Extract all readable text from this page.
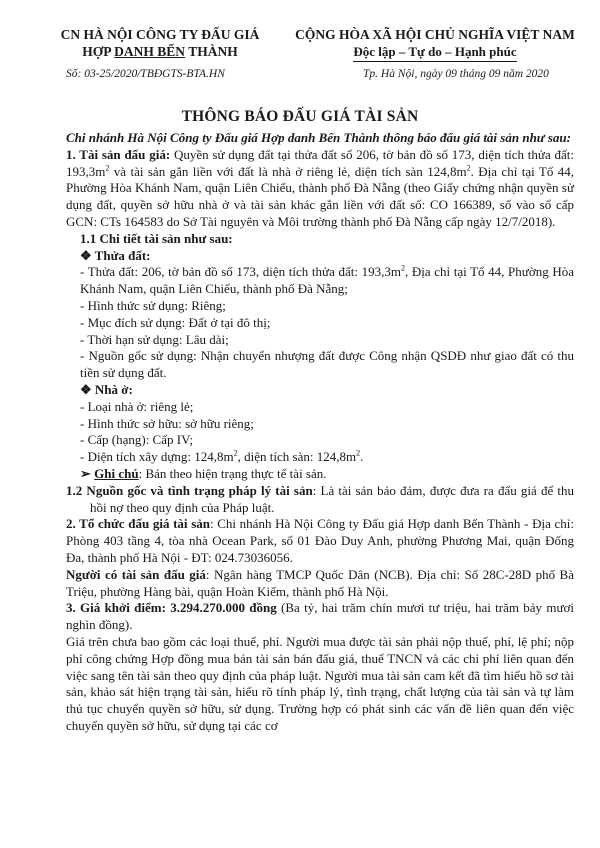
CN HÀ NỘI CÔNG TY ĐẤU GIÁ
HỢP DANH BẾN THÀNH
Số: 03-25/2020/TBĐGTS-BTA.HN
CỘNG HÒA XÃ HỘI CHỦ NGHĨA VIỆT NAM
Độc lập – Tự do – Hạnh phúc
Tp. Hà Nội, ngày 09 tháng 09 năm 2020
THÔNG BÁO ĐẤU GIÁ TÀI SẢN

Chi nhánh Hà Nội Công ty Đấu giá Hợp danh Bến Thành thông báo đấu giá tài sản như sau:

1. Tài sản đấu giá: Quyền sử dụng đất tại thửa đất số 206, tờ bản đồ số 173, diện tích thửa đất: $193,3m^2$ và tài sản gắn liền với đất là nhà ở riêng lẻ, diện tích sàn $124,8m^2$. Địa chỉ tại Tổ 44, Phường Hòa Khánh Nam, quận Liên Chiểu, thành phố Đà Nẵng (theo Giấy chứng nhận quyền sử dụng đất, quyền sở hữu nhà ở và tài sản khác gắn liền với đất số: CO 166389, số vào sổ cấp GCN: CTs 164583 do Sở Tài nguyên và Môi trường thành phố Đà Nẵng cấp ngày 12/7/2018).

1.1 Chi tiết tài sản như sau:

❖ Thửa đất:

- Thửa đất: 206, tờ bản đồ số 173, diện tích thửa đất: $193,3m^2$, Địa chỉ tại Tổ 44, Phường Hòa Khánh Nam, quận Liên Chiểu, thành phố Đà Nẵng;

- Hình thức sử dụng: Riêng;

- Mục đích sử dụng: Đất ở tại đô thị;

- Thời hạn sử dụng: Lâu dài;

- Nguồn gốc sử dụng: Nhận chuyển nhượng đất được Công nhận QSDĐ như giao đất có thu tiền sử dụng đất.

❖ Nhà ở:

- Loại nhà ở: riêng lẻ;

- Hình thức sở hữu: sở hữu riêng;

- Cấp (hạng): Cấp IV;

- Diện tích xây dựng: $124,8m^2$, diện tích sàn: $124,8m^2$.

➢ Ghi chú: Bán theo hiện trạng thực tế tài sản.

1.2 Nguồn gốc và tình trạng pháp lý tài sản: Là tài sản bảo đảm, được đưa ra đấu giá để thu hồi nợ theo quy định của Pháp luật.

2. Tổ chức đấu giá tài sản: Chi nhánh Hà Nội Công ty Đấu giá Hợp danh Bến Thành - Địa chỉ: Phòng 403 tầng 4, tòa nhà Ocean Park, số 01 Đào Duy Anh, phường Phương Mai, quận Đống Đa, thành phố Hà Nội - ĐT: 024.73036056.

Người có tài sản đấu giá: Ngân hàng TMCP Quốc Dân (NCB). Địa chỉ: Số 28C-28D phố Bà Triệu, phường Hàng bài, quận Hoàn Kiếm, thành phố Hà Nội.

3. Giá khởi điểm: 3.294.270.000 đồng (Ba tỷ, hai trăm chín mươi tư triệu, hai trăm bảy mươi nghìn đồng).

Giá trên chưa bao gồm các loại thuế, phí. Người mua được tài sản phải nộp thuế, phí, lệ phí; nộp phí công chứng Hợp đồng mua bán tài sản bán đấu giá, thuế TNCN và các chi phí liên quan đến việc sang tên tài sản theo quy định của pháp luật. Người mua tài sản cam kết đã tìm hiểu hồ sơ tài sản, khảo sát hiện trạng tài sản, hiểu rõ tính pháp lý, tình trạng, chất lượng của tài sản và tự làm thủ tục chuyển quyền sở hữu, sử dụng. Trường hợp có phát sinh các vấn đề liên quan đến việc chuyển quyền sở hữu, sử dụng tại các cơ
